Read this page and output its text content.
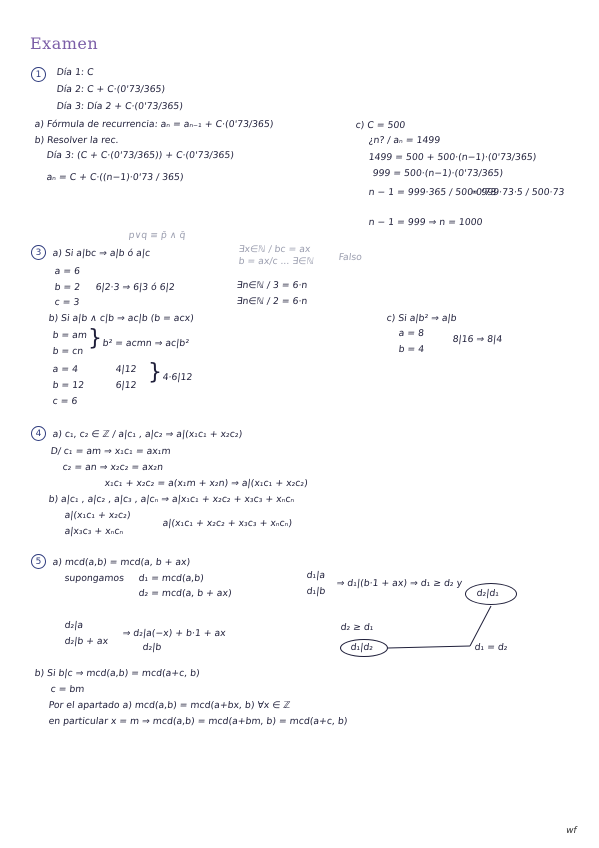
Examen
1	Día 1: C
Día 2: C + C·(0'73/365)
Día 3: Día 2 + C·(0'73/365)
a) Fórmula de recurrencia: aₙ = aₙ₋₁ + C·(0'73/365)
b) Resolver la rec.
Día 3: (C + C·(0'73/365)) + C·(0'73/365)
aₙ = C + C·((n−1)·0'73 / 365)
c) C = 500
¿n? / aₙ = 1499
1499 = 500 + 500·(n−1)·(0'73/365)
999 = 500·(n−1)·(0'73/365)
n − 1 = 999·365 / 500·0'73
= 999·73·5 / 500·73
n − 1 = 999 ⇒ n = 1000
p∨q ≡ p̄ ∧ q̄
3	a) Si a|bc ⇒ a|b ó a|c	∃x∈ℕ / bc = ax
b = ax/c ... ∃∈ℕ	Falso
a = 6
b = 2
c = 3
6|2·3 ⇒ 6|3 ó 6|2	∃n∈ℕ / 3 = 6·n
∃n∈ℕ / 2 = 6·n
b) Si a|b ∧ c|b ⇒ ac|b (b = acx)
b = am
b = cn
} b² = acmn ⇒ ac|b²
a = 4
b = 12
c = 6
4|12
6|12
} 4·6|12
c) Si a|b² ⇒ a|b
a = 8
b = 4
8|16 ⇒ 8|4
4	a) c₁, c₂ ∈ ℤ / a|c₁ , a|c₂ ⇒ a|(x₁c₁ + x₂c₂)
D/ c₁ = am ⇒ x₁c₁ = ax₁m
c₂ = an ⇒ x₂c₂ = ax₂n
x₁c₁ + x₂c₂ = a(x₁m + x₂n) ⇒ a|(x₁c₁ + x₂c₂)
b) a|c₁ , a|c₂ , a|c₃ , a|cₙ ⇒ a|x₁c₁ + x₂c₂ + x₃c₃ + xₙcₙ
a|(x₁c₁ + x₂c₂)
a|x₃c₃ + xₙcₙ
a|(x₁c₁ + x₂c₂ + x₃c₃ + xₙcₙ)
5	a) mcd(a,b) = mcd(a, b + ax)
supongamos d₁ = mcd(a,b)
d₂ = mcd(a, b + ax)
d₁|a
d₁|b
⇒ d₁|(b·1 + ax) ⇒ d₁ ≥ d₂ y
d₂|d₁
d₂|a
d₂|b + ax
⇒ d₂|a(−x) + b·1 + ax
d₂|b
d₂ ≥ d₁
d₁|d₂	d₁ = d₂
b) Si b|c ⇒ mcd(a,b) = mcd(a+c, b)
c = bm
Por el apartado a) mcd(a,b) = mcd(a+bx, b) ∀x ∈ ℤ
en particular x = m ⇒ mcd(a,b) = mcd(a+bm, b) = mcd(a+c, b)
wf
